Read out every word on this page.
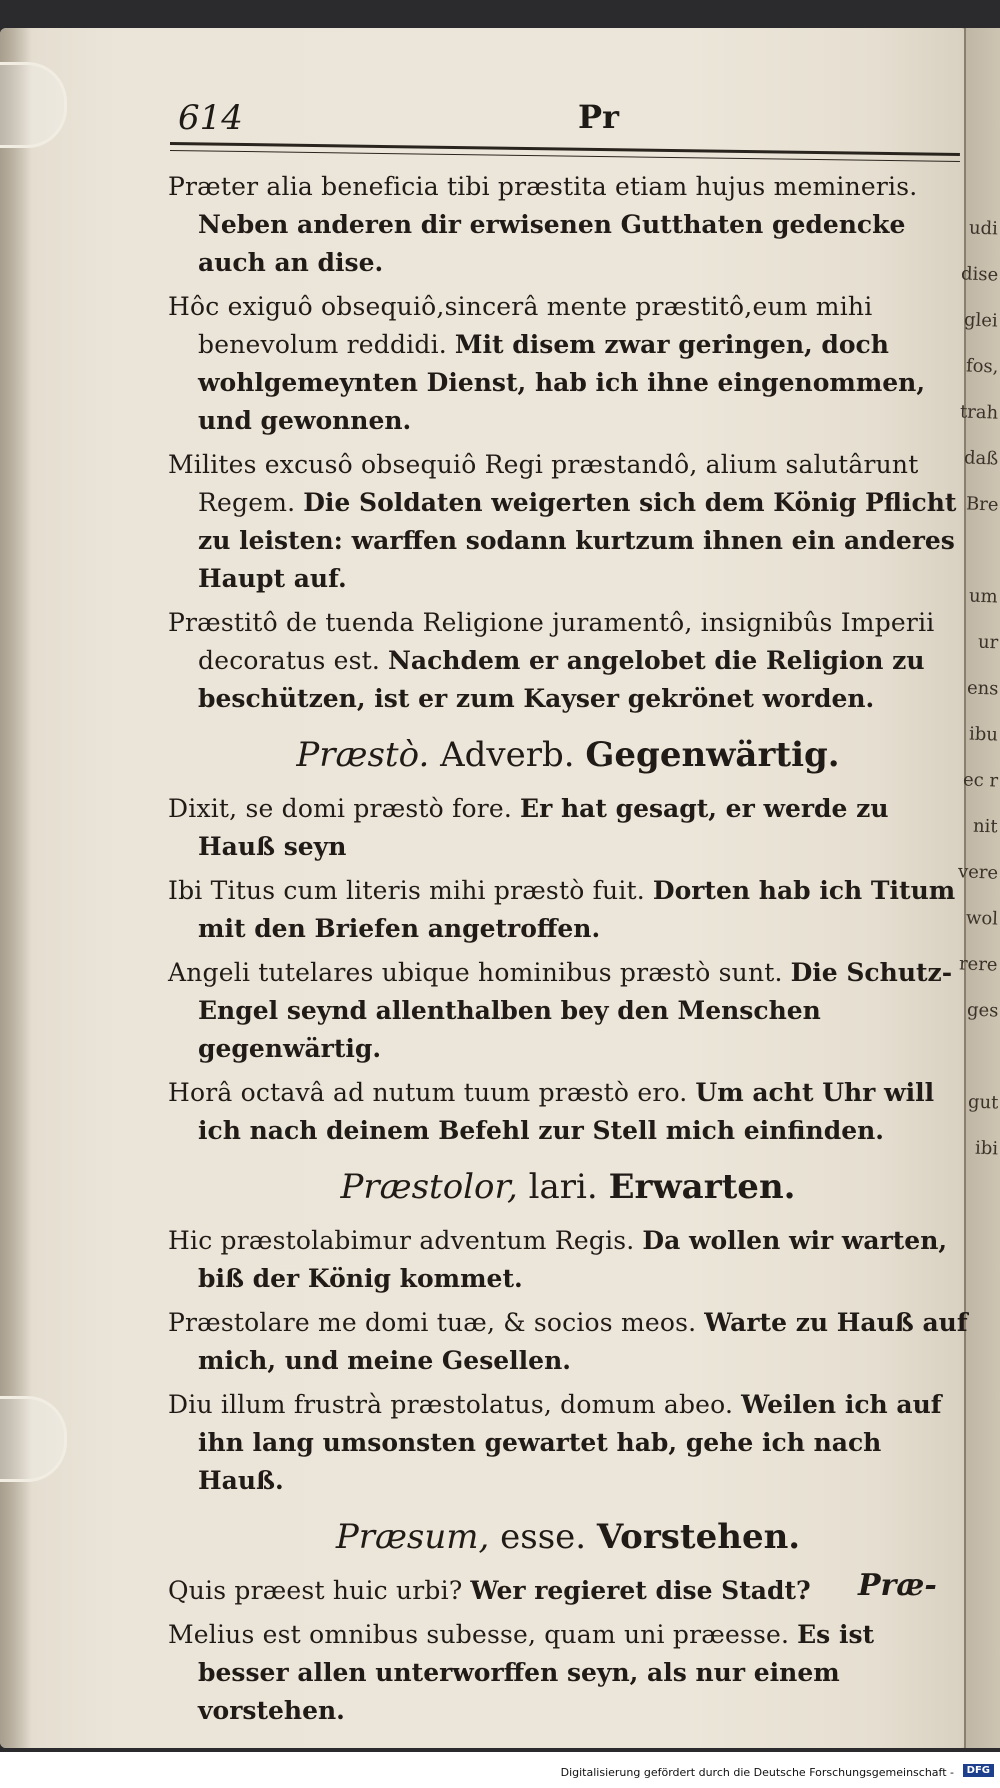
udi
dise
glei
fos,
trah
daß
Bre
um
ur
ens
ibu
ec r
nit
vere
wol
rere
ges
gut
ibi
614	Pr
Præter alia beneficia tibi præstita etiam hujus memineris. Neben anderen dir erwisenen Gutthaten gedencke auch an dise.
Hôc exiguô obsequiô,sincerâ mente præstitô,eum mihi benevolum reddidi. Mit disem zwar geringen, doch wohlgemeynten Dienst, hab ich ihne eingenommen, und gewonnen.
Milites excusô obsequiô Regi præstandô, alium salutârunt Regem. Die Soldaten weigerten sich dem König Pflicht zu leisten: warffen sodann kurtzum ihnen ein anderes Haupt auf.
Præstitô de tuenda Religione juramentô, insignibûs Imperii decoratus est. Nachdem er angelobet die Religion zu beschützen, ist er zum Kayser gekrönet worden.
Præstò. Adverb. Gegenwärtig.
Dixit, se domi præstò fore. Er hat gesagt, er werde zu Hauß seyn
Ibi Titus cum literis mihi præstò fuit. Dorten hab ich Titum mit den Briefen angetroffen.
Angeli tutelares ubique hominibus præstò sunt. Die Schutz-Engel seynd allenthalben bey den Menschen gegenwärtig.
Horâ octavâ ad nutum tuum præstò ero. Um acht Uhr will ich nach deinem Befehl zur Stell mich einfinden.
Præstolor, lari. Erwarten.
Hic præstolabimur adventum Regis. Da wollen wir warten, biß der König kommet.
Præstolare me domi tuæ, & socios meos. Warte zu Hauß auf mich, und meine Gesellen.
Diu illum frustrà præstolatus, domum abeo. Weilen ich auf ihn lang umsonsten gewartet hab, gehe ich nach Hauß.
Præsum, esse. Vorstehen.
Quis præest huic urbi? Wer regieret dise Stadt?
Melius est omnibus subesse, quam uni præesse. Es ist besser allen unterworffen seyn, als nur einem vorstehen.
Præ-
Digitalisierung gefördert durch die Deutsche Forschungsgemeinschaft -	DFG
